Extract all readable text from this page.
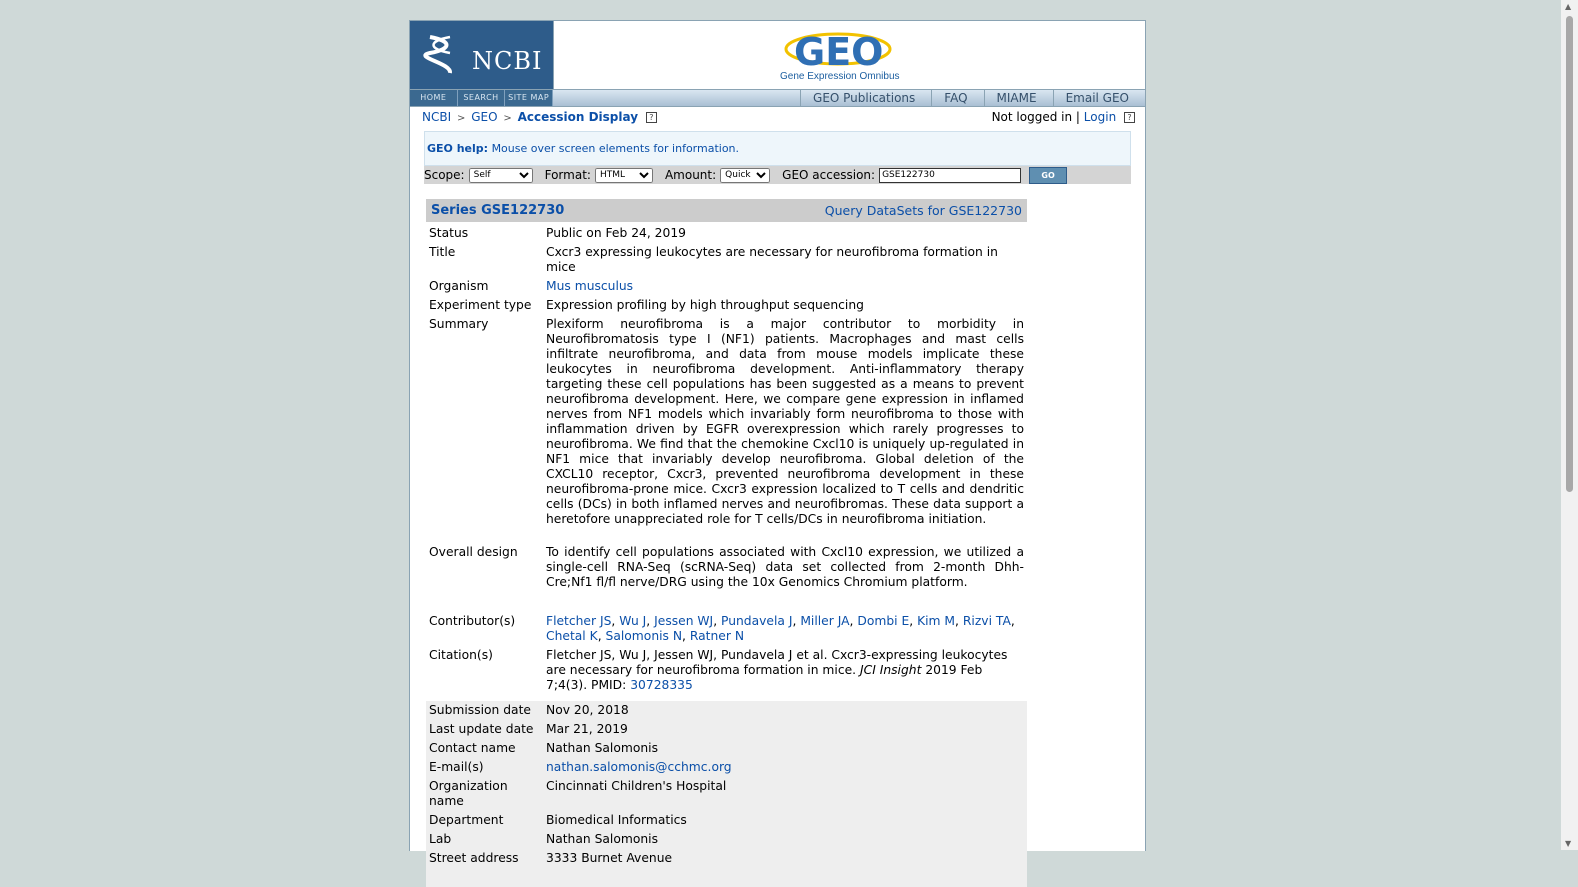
NCBI	GEO
Gene Expression Omnibus
HOME	SEARCH	SITE MAP	GEO Publications	FAQ	MIAME	Email GEO
NCBI > GEO > Accession Display ?	Not logged in | Login ?
GEO help: Mouse over screen elements for information.
Scope:
Self	Format:
HTML	Amount:
Quick	GEO accession:
GSE122730	GO
Series GSE122730	Query DataSets for GSE122730
Status	Public on Feb 24, 2019
Title	Cxcr3 expressing leukocytes are necessary for neurofibroma formation in mice
Organism	Mus musculus
Experiment type	Expression profiling by high throughput sequencing
Summary	Plexiform neurofibroma is a major contributor to morbidity in Neurofibromatosis type I (NF1) patients. Macrophages and mast cells infiltrate neurofibroma, and data from mouse models implicate these leukocytes in neurofibroma development. Anti-inflammatory therapy targeting these cell populations has been suggested as a means to prevent neurofibroma development. Here, we compare gene expression in inflamed nerves from NF1 models which invariably form neurofibroma to those with inflammation driven by EGFR overexpression which rarely progresses to neurofibroma. We find that the chemokine Cxcl10 is uniquely up-regulated in NF1 mice that invariably develop neurofibroma. Global deletion of the CXCL10 receptor, Cxcr3, prevented neurofibroma development in these neurofibroma-prone mice. Cxcr3 expression localized to T cells and dendritic cells (DCs) in both inflamed nerves and neurofibromas. These data support a heretofore unappreciated role for T cells/DCs in neurofibroma initiation.
Overall design	To identify cell populations associated with Cxcl10 expression, we utilized a single-cell RNA-Seq (scRNA-Seq) data set collected from 2-month Dhh-Cre;Nf1 fl/fl nerve/DRG using the 10x Genomics Chromium platform.
Contributor(s)	Fletcher JS, Wu J, Jessen WJ, Pundavela J, Miller JA, Dombi E, Kim M, Rizvi TA, Chetal K, Salomonis N, Ratner N
Citation(s)	Fletcher JS, Wu J, Jessen WJ, Pundavela J et al. Cxcr3-expressing leukocytes are necessary for neurofibroma formation in mice. JCI Insight 2019 Feb 7;4(3). PMID: 30728335
Submission date	Nov 20, 2018
Last update date	Mar 21, 2019
Contact name	Nathan Salomonis
E-mail(s)	nathan.salomonis@cchmc.org
Organization name	Cincinnati Children's Hospital
Department	Biomedical Informatics
Lab	Nathan Salomonis
Street address	3333 Burnet Avenue

▲
▼
